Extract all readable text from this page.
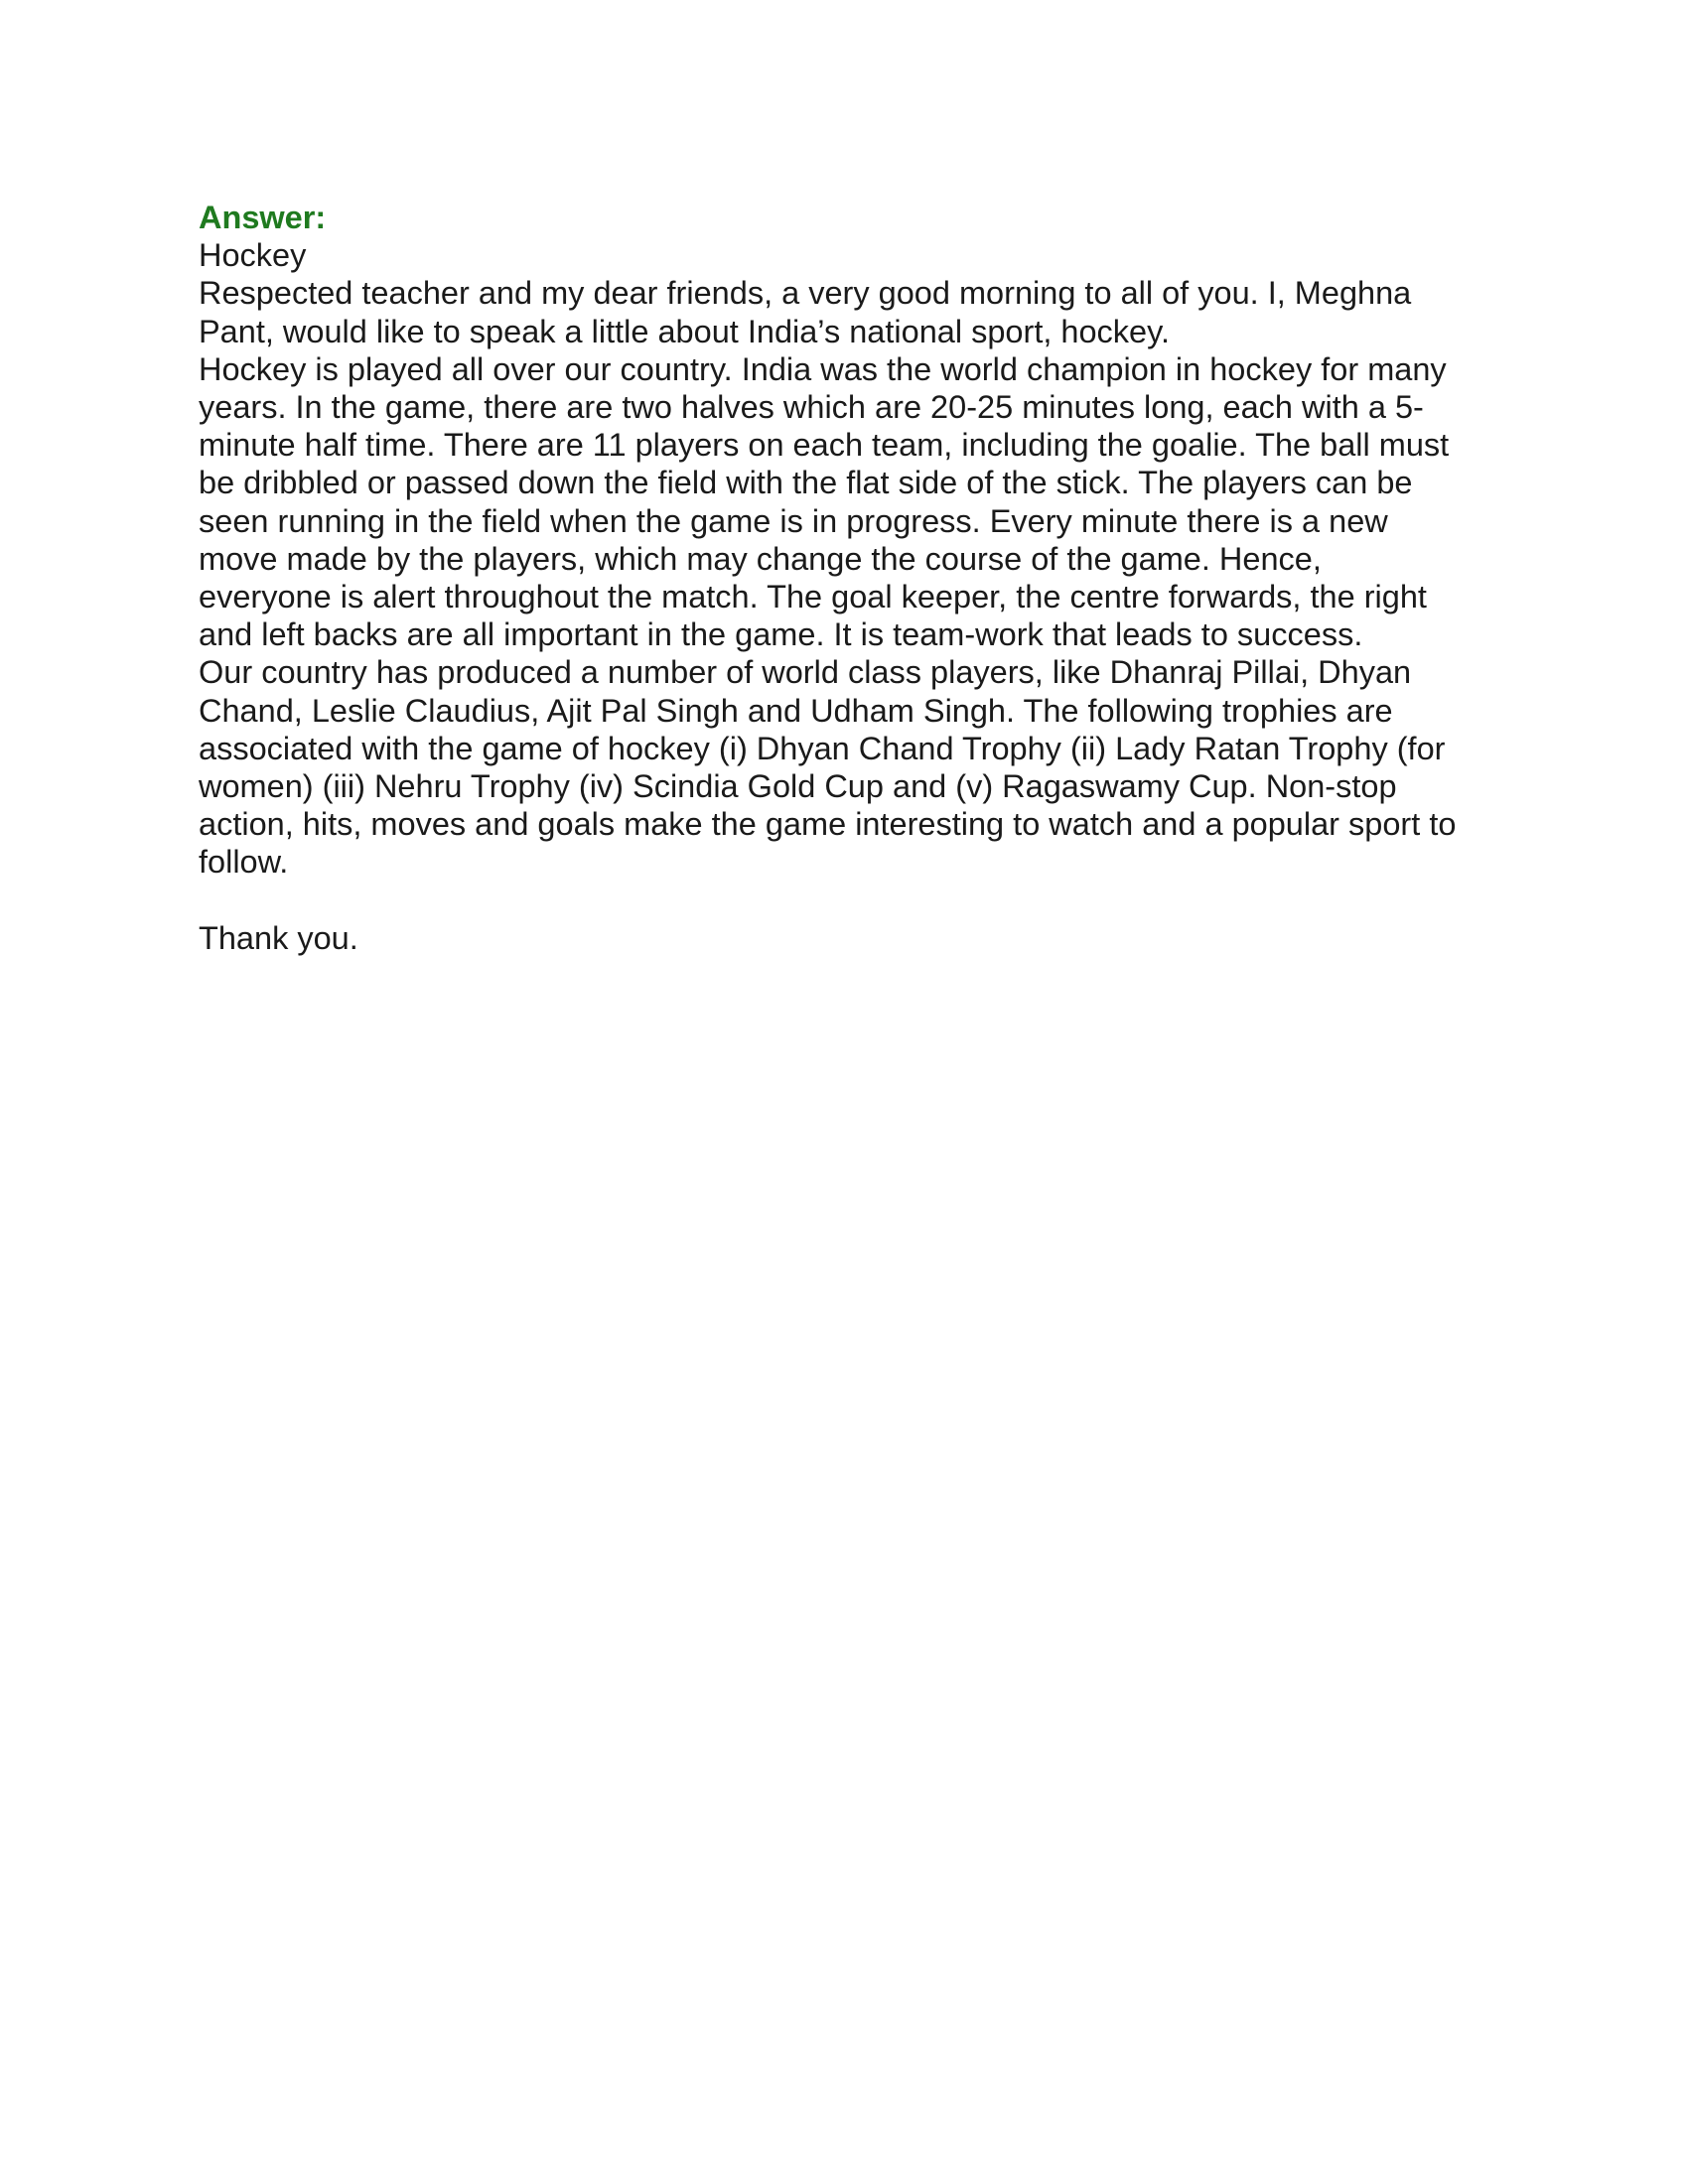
Answer:
Hockey

Respected teacher and my dear friends, a very good morning to all of you. I, Meghna
Pant, would like to speak a little about India’s national sport, hockey.

Hockey is played all over our country. India was the world champion in hockey for many
years. In the game, there are two halves which are 20-25 minutes long, each with a 5-
minute half time. There are 11 players on each team, including the goalie. The ball must
be dribbled or passed down the field with the flat side of the stick. The players can be
seen running in the field when the game is in progress. Every minute there is a new
move made by the players, which may change the course of the game. Hence,
everyone is alert throughout the match. The goal keeper, the centre forwards, the right
and left backs are all important in the game. It is team-work that leads to success.

Our country has produced a number of world class players, like Dhanraj Pillai, Dhyan
Chand, Leslie Claudius, Ajit Pal Singh and Udham Singh. The following trophies are
associated with the game of hockey (i) Dhyan Chand Trophy (ii) Lady Ratan Trophy (for
women) (iii) Nehru Trophy (iv) Scindia Gold Cup and (v) Ragaswamy Cup. Non-stop
action, hits, moves and goals make the game interesting to watch and a popular sport to
follow.

Thank you.
